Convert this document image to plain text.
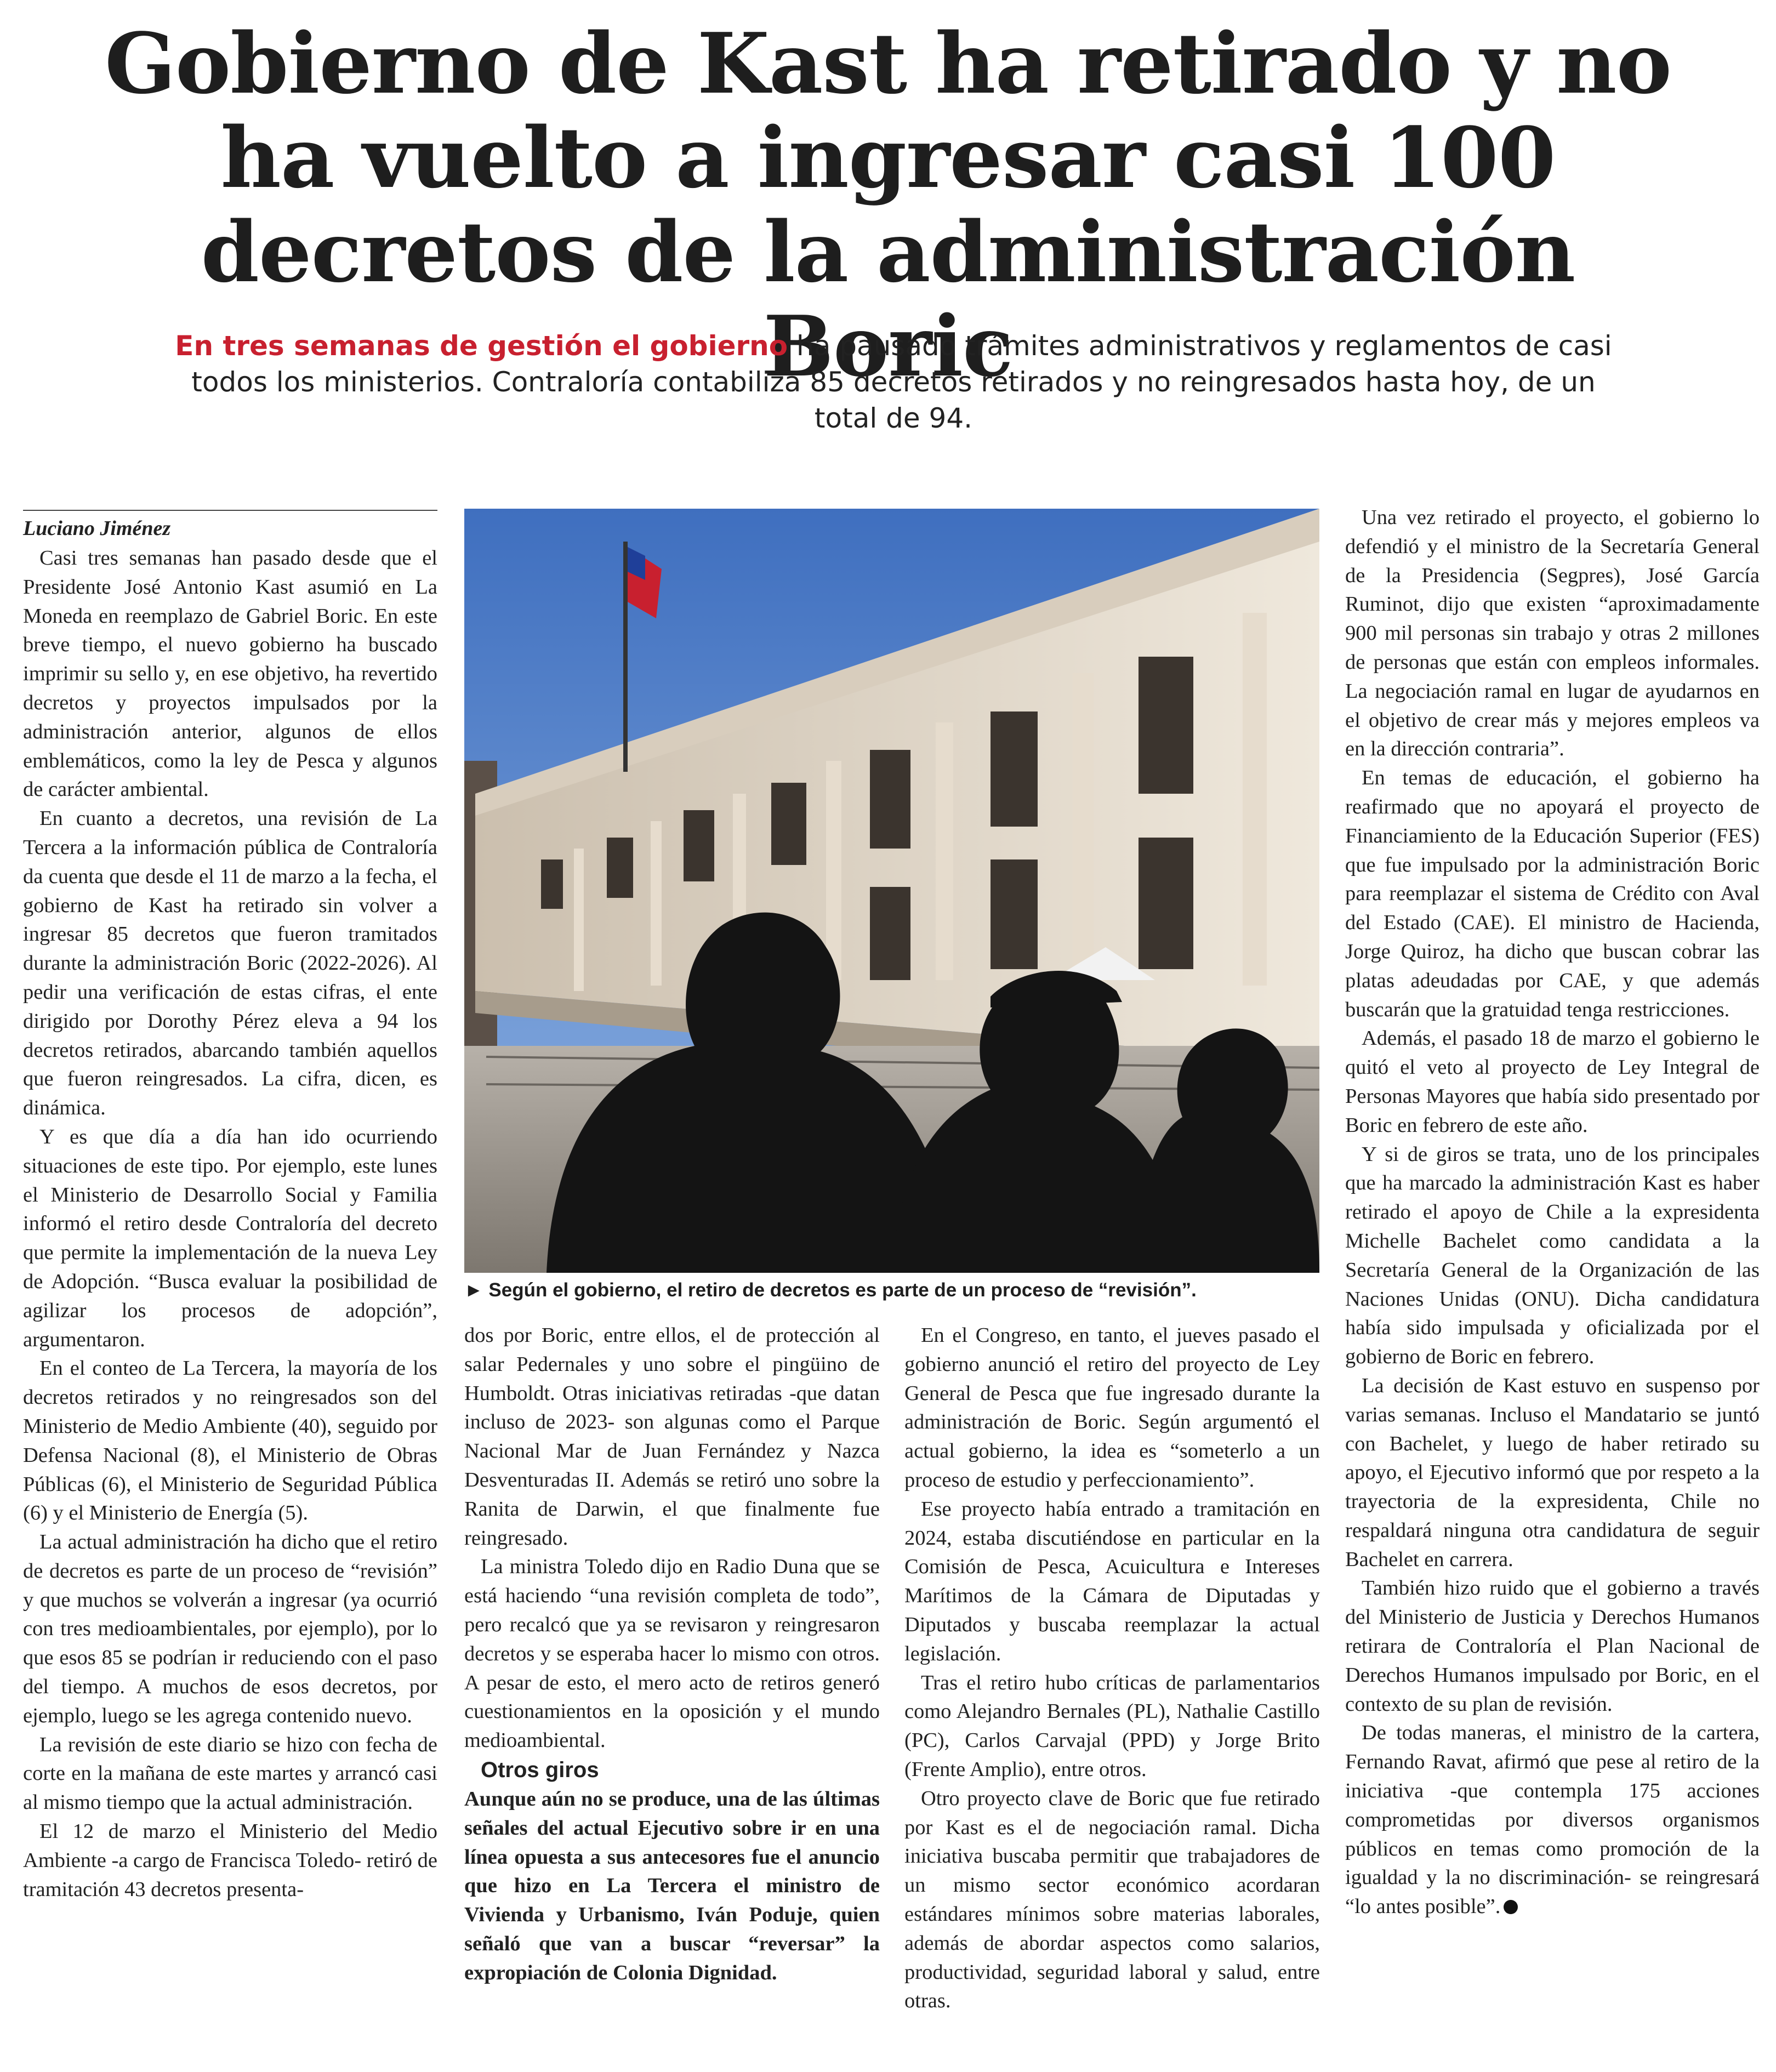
Gobierno de Kast ha retirado y no ha vuelto a ingresar casi 100 decretos de la administración Boric

En tres semanas de gestión el gobierno ha pausado trámites administrativos y reglamentos de casi todos los ministerios. Contraloría contabiliza 85 decretos retirados y no reingresados hasta hoy, de un total de 94.

Luciano Jiménez

Casi tres semanas han pasado desde que el Presidente José Antonio Kast asumió en La Moneda en reemplazo de Gabriel Boric. En este breve tiempo, el nuevo gobierno ha buscado imprimir su sello y, en ese objetivo, ha revertido decretos y proyectos impulsados por la administración anterior, algunos de ellos emblemáticos, como la ley de Pesca y algunos de carácter ambiental.

En cuanto a decretos, una revisión de La Tercera a la información pública de Contraloría da cuenta que desde el 11 de marzo a la fecha, el gobierno de Kast ha retirado sin volver a ingresar 85 decretos que fueron tramitados durante la administración Boric (2022-2026). Al pedir una verificación de estas cifras, el ente dirigido por Dorothy Pérez eleva a 94 los decretos retirados, abarcando también aquellos que fueron reingresados. La cifra, dicen, es dinámica.

Y es que día a día han ido ocurriendo situaciones de este tipo. Por ejemplo, este lunes el Ministerio de Desarrollo Social y Familia informó el retiro desde Contraloría del decreto que permite la implementación de la nueva Ley de Adopción. “Busca evaluar la posibilidad de agilizar los procesos de adopción”, argumentaron.

En el conteo de La Tercera, la mayoría de los decretos retirados y no reingresados son del Ministerio de Medio Ambiente (40), seguido por Defensa Nacional (8), el Ministerio de Obras Públicas (6), el Ministerio de Seguridad Pública (6) y el Ministerio de Energía (5).

La actual administración ha dicho que el retiro de decretos es parte de un proceso de “revisión” y que muchos se volverán a ingresar (ya ocurrió con tres medioambientales, por ejemplo), por lo que esos 85 se podrían ir reduciendo con el paso del tiempo. A muchos de esos decretos, por ejemplo, luego se les agrega contenido nuevo.

La revisión de este diario se hizo con fecha de corte en la mañana de este martes y arrancó casi al mismo tiempo que la actual administración.

El 12 de marzo el Ministerio del Medio Ambiente -a cargo de Francisca Toledo- retiró de tramitación 43 decretos presenta-

► Según el gobierno, el retiro de decretos es parte de un proceso de “revisión”.

dos por Boric, entre ellos, el de protección al salar Pedernales y uno sobre el pingüino de Humboldt. Otras iniciativas retiradas -que datan incluso de 2023- son algunas como el Parque Nacional Mar de Juan Fernández y Nazca Desventuradas II. Además se retiró uno sobre la Ranita de Darwin, el que finalmente fue reingresado.

La ministra Toledo dijo en Radio Duna que se está haciendo “una revisión completa de todo”, pero recalcó que ya se revisaron y reingresaron decretos y se esperaba hacer lo mismo con otros. A pesar de esto, el mero acto de retiros generó cuestionamientos en la oposición y el mundo medioambiental.

Otros giros

Aunque aún no se produce, una de las últimas señales del actual Ejecutivo sobre ir en una línea opuesta a sus antecesores fue el anuncio que hizo en La Tercera el ministro de Vivienda y Urbanismo, Iván Poduje, quien señaló que van a buscar “reversar” la expropiación de Colonia Dignidad.

En el Congreso, en tanto, el jueves pasado el gobierno anunció el retiro del proyecto de Ley General de Pesca que fue ingresado durante la administración de Boric. Según argumentó el actual gobierno, la idea es “someterlo a un proceso de estudio y perfeccionamiento”.

Ese proyecto había entrado a tramitación en 2024, estaba discutiéndose en particular en la Comisión de Pesca, Acuicultura e Intereses Marítimos de la Cámara de Diputadas y Diputados y buscaba reemplazar la actual legislación.

Tras el retiro hubo críticas de parlamentarios como Alejandro Bernales (PL), Nathalie Castillo (PC), Carlos Carvajal (PPD) y Jorge Brito (Frente Amplio), entre otros.

Otro proyecto clave de Boric que fue retirado por Kast es el de negociación ramal. Dicha iniciativa buscaba permitir que trabajadores de un mismo sector económico acordaran estándares mínimos sobre materias laborales, además de abordar aspectos como salarios, productividad, seguridad laboral y salud, entre otras.

Una vez retirado el proyecto, el gobierno lo defendió y el ministro de la Secretaría General de la Presidencia (Segpres), José García Ruminot, dijo que existen “aproximadamente 900 mil personas sin trabajo y otras 2 millones de personas que están con empleos informales. La negociación ramal en lugar de ayudarnos en el objetivo de crear más y mejores empleos va en la dirección contraria”.

En temas de educación, el gobierno ha reafirmado que no apoyará el proyecto de Financiamiento de la Educación Superior (FES) que fue impulsado por la administración Boric para reemplazar el sistema de Crédito con Aval del Estado (CAE). El ministro de Hacienda, Jorge Quiroz, ha dicho que buscan cobrar las platas adeudadas por CAE, y que además buscarán que la gratuidad tenga restricciones.

Además, el pasado 18 de marzo el gobierno le quitó el veto al proyecto de Ley Integral de Personas Mayores que había sido presentado por Boric en febrero de este año.

Y si de giros se trata, uno de los principales que ha marcado la administración Kast es haber retirado el apoyo de Chile a la expresidenta Michelle Bachelet como candidata a la Secretaría General de la Organización de las Naciones Unidas (ONU). Dicha candidatura había sido impulsada y oficializada por el gobierno de Boric en febrero.

La decisión de Kast estuvo en suspenso por varias semanas. Incluso el Mandatario se juntó con Bachelet, y luego de haber retirado su apoyo, el Ejecutivo informó que por respeto a la trayectoria de la expresidenta, Chile no respaldará ninguna otra candidatura de seguir Bachelet en carrera.

También hizo ruido que el gobierno a través del Ministerio de Justicia y Derechos Humanos retirara de Contraloría el Plan Nacional de Derechos Humanos impulsado por Boric, en el contexto de su plan de revisión.

De todas maneras, el ministro de la cartera, Fernando Ravat, afirmó que pese al retiro de la iniciativa -que contempla 175 acciones comprometidas por diversos organismos públicos en temas como promoción de la igualdad y la no discriminación- se reingresará “lo antes posible”.
